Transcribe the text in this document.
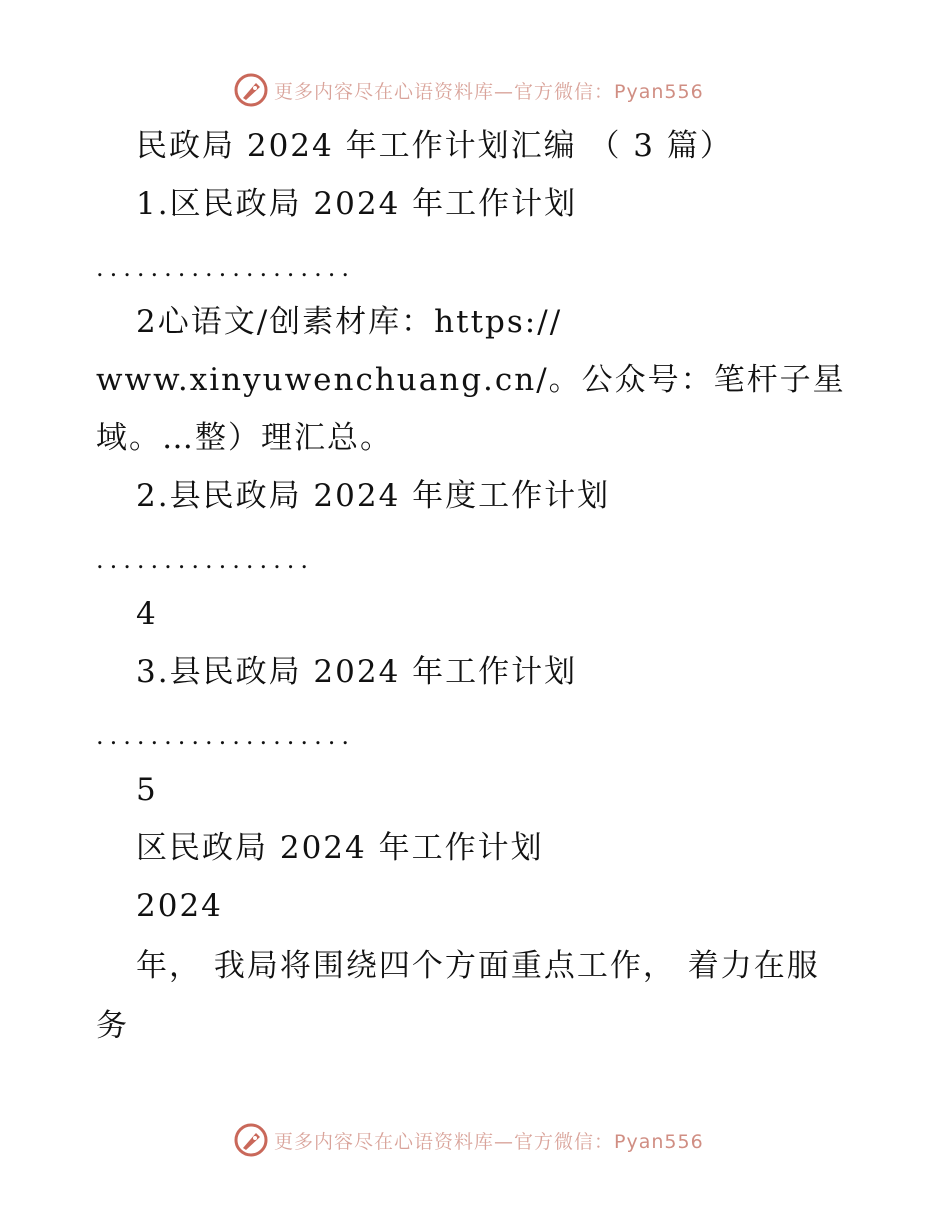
更多内容尽在心语资料库—官方微信：Pyan556
民政局 2024 年工作计划汇编 （ 3 篇）
1.区民政局 2024 年工作计划
...................
2心语文/创素材库：https://
www.xinyuwenchuang.cn/。公众号：笔杆子星
域。…整）理汇总。
2.县民政局 2024 年度工作计划
................
4
3.县民政局 2024 年工作计划
...................
5
区民政局 2024 年工作计划
2024
年， 我局将围绕四个方面重点工作， 着力在服
务
更多内容尽在心语资料库—官方微信：Pyan556
